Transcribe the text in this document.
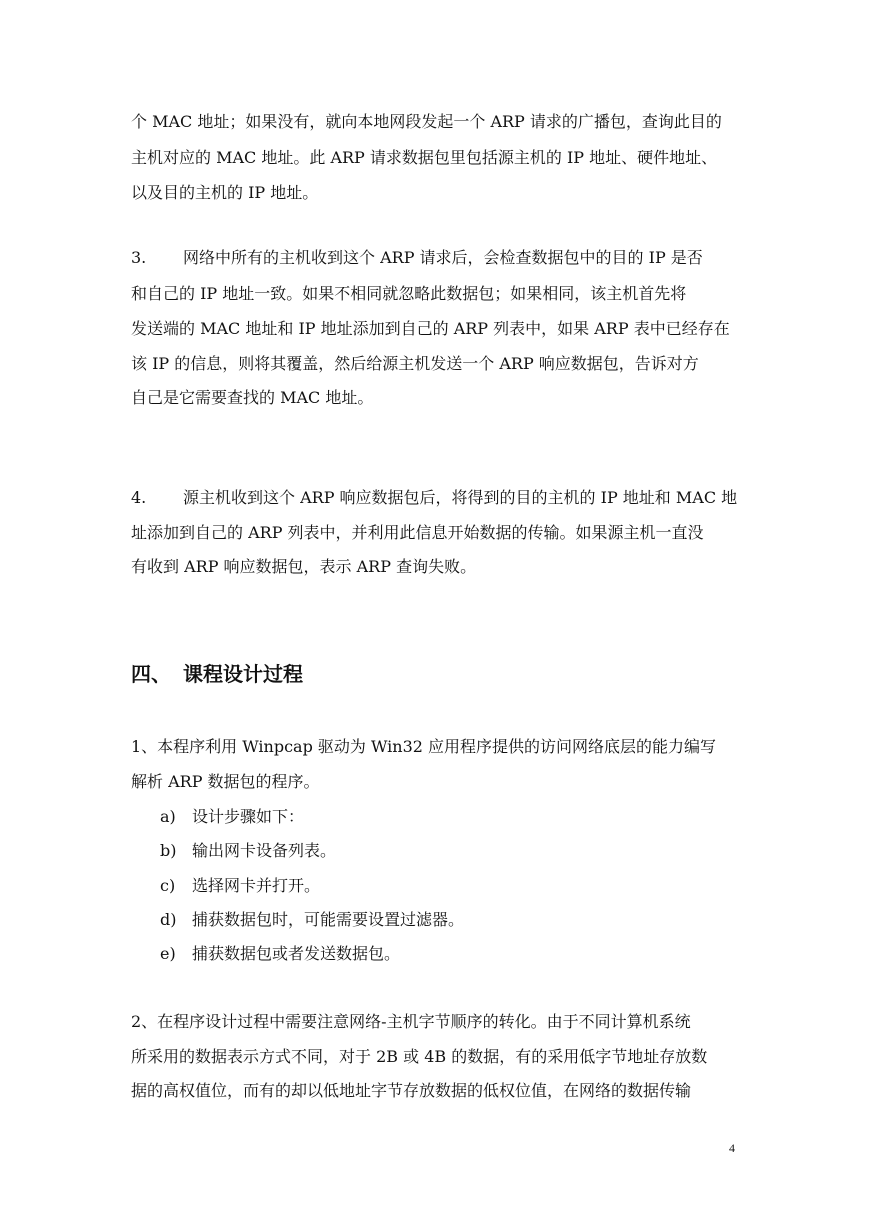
个 MAC 地址；如果没有，就向本地网段发起一个 ARP 请求的广播包，查询此目的
主机对应的 MAC 地址。此 ARP 请求数据包里包括源主机的 IP 地址、硬件地址、
以及目的主机的 IP 地址。
3. 网络中所有的主机收到这个 ARP 请求后，会检查数据包中的目的 IP 是否
和自己的 IP 地址一致。如果不相同就忽略此数据包；如果相同，该主机首先将
发送端的 MAC 地址和 IP 地址添加到自己的 ARP 列表中，如果 ARP 表中已经存在
该 IP 的信息，则将其覆盖，然后给源主机发送一个 ARP 响应数据包，告诉对方
自己是它需要查找的 MAC 地址。
4. 源主机收到这个 ARP 响应数据包后，将得到的目的主机的 IP 地址和 MAC 地
址添加到自己的 ARP 列表中，并利用此信息开始数据的传输。如果源主机一直没
有收到 ARP 响应数据包，表示 ARP 查询失败。
四、 课程设计过程
1、本程序利用 Winpcap 驱动为 Win32 应用程序提供的访问网络底层的能力编写
解析 ARP 数据包的程序。
a) 设计步骤如下：
b) 输出网卡设备列表。
c) 选择网卡并打开。
d) 捕获数据包时，可能需要设置过滤器。
e) 捕获数据包或者发送数据包。
2、在程序设计过程中需要注意网络-主机字节顺序的转化。由于不同计算机系统
所采用的数据表示方式不同，对于 2B 或 4B 的数据，有的采用低字节地址存放数
据的高权值位，而有的却以低地址字节存放数据的低权位值，在网络的数据传输
4
